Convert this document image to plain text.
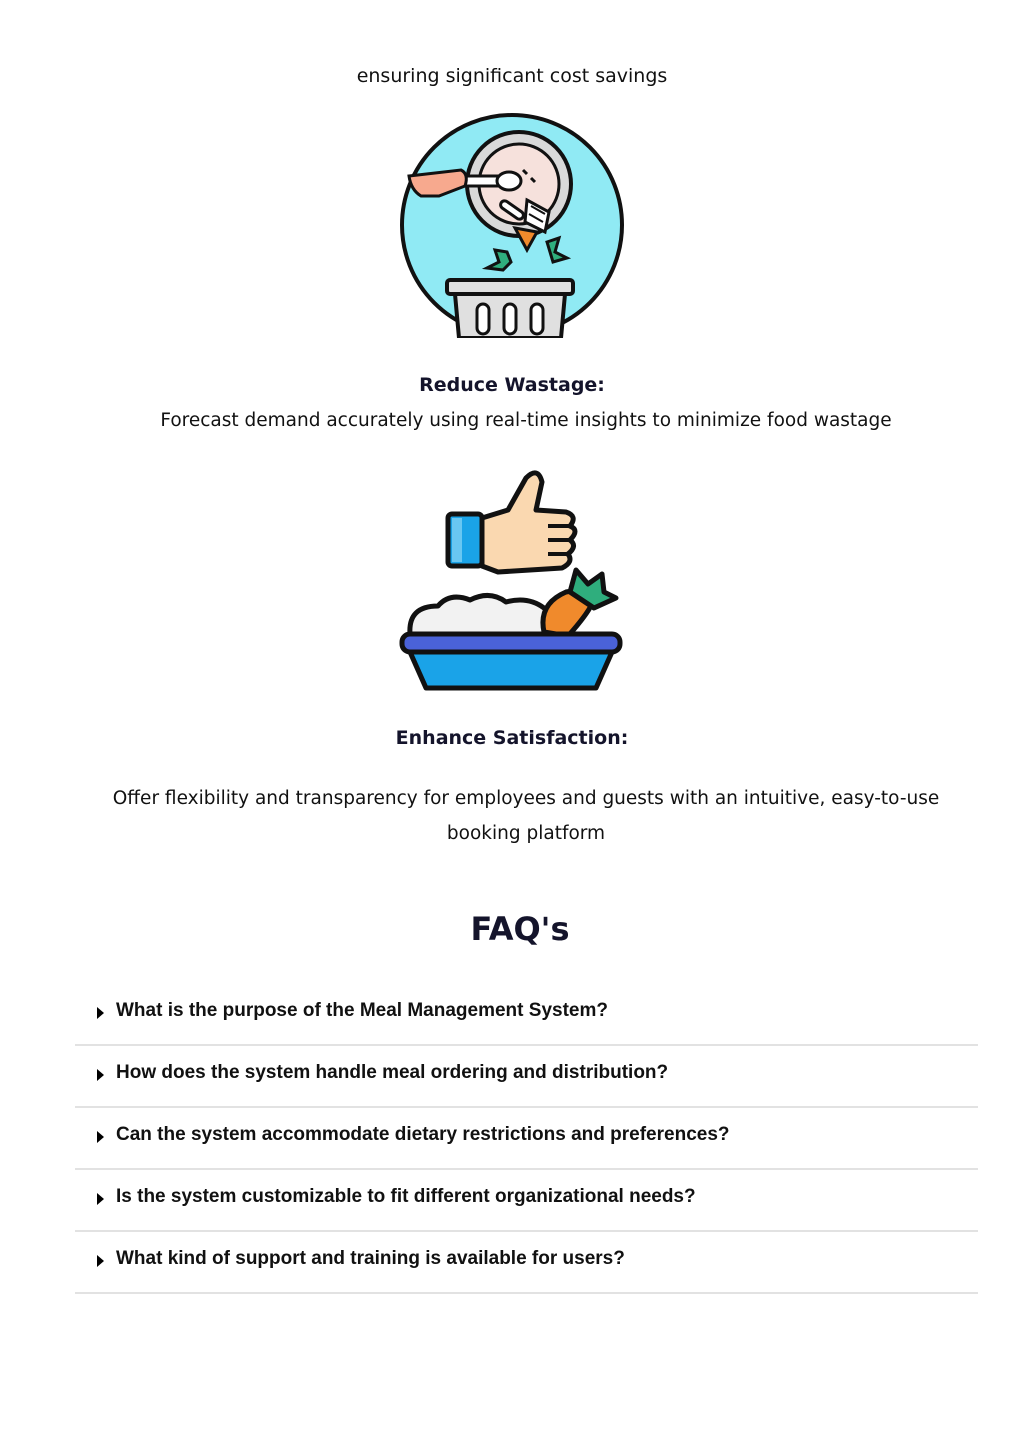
ensuring significant cost savings
Reduce Wastage:
Forecast demand accurately using real-time insights to minimize food wastage
Enhance Satisfaction:
Offer flexibility and transparency for employees and guests with an intuitive, easy-to-use booking platform
FAQ's
What is the purpose of the Meal Management System?
How does the system handle meal ordering and distribution?
Can the system accommodate dietary restrictions and preferences?
Is the system customizable to fit different organizational needs?
What kind of support and training is available for users?
